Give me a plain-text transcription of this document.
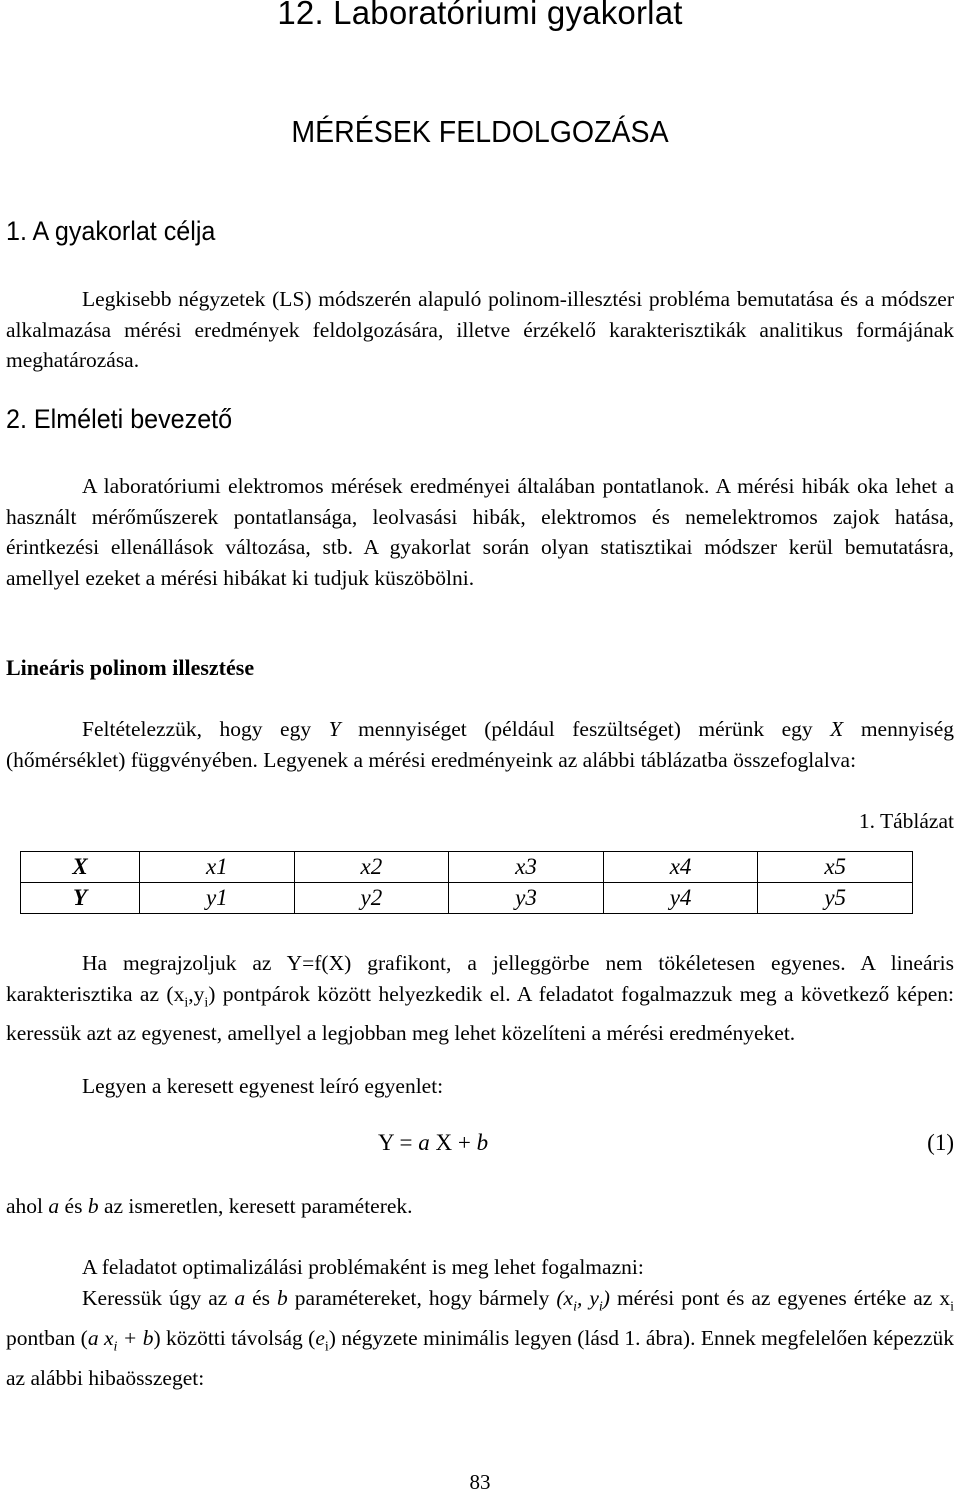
12. Laboratóriumi gyakorlat
MÉRÉSEK FELDOLGOZÁSA
1. A gyakorlat célja
Legkisebb négyzetek (LS) módszerén alapuló polinom-illesztési probléma bemutatása és a módszer alkalmazása mérési eredmények feldolgozására, illetve érzékelő karakterisztikák analitikus formájának meghatározása.
2. Elméleti bevezető
A laboratóriumi elektromos mérések eredményei általában pontatlanok. A mérési hibák oka lehet a használt mérőműszerek pontatlansága, leolvasási hibák, elektromos és nemelektromos zajok hatása, érintkezési ellenállások változása, stb. A gyakorlat során olyan statisztikai módszer kerül bemutatásra, amellyel ezeket a mérési hibákat ki tudjuk küszöbölni.
Lineáris polinom illesztése
Feltételezzük, hogy egy Y mennyiséget (például feszültséget) mérünk egy X mennyiség (hőmérséklet) függvényében. Legyenek a mérési eredményeink az alábbi táblázatba összefoglalva:
1. Táblázat
X	x1	x2	x3	x4	x5
Y	y1	y2	y3	y4	y5
Ha megrajzoljuk az Y=f(X) grafikont, a jelleggörbe nem tökéletesen egyenes. A lineáris karakterisztika az $(x_i,y_i)$ pontpárok között helyezkedik el. A feladatot fogalmazzuk meg a következő képen: keressük azt az egyenest, amellyel a legjobban meg lehet közelíteni a mérési eredményeket.
Legyen a keresett egyenest leíró egyenlet:
Y = a X + b	(1)
ahol a és b az ismeretlen, keresett paraméterek.
A feladatot optimalizálási problémaként is meg lehet fogalmazni:
Keressük úgy az a és b paramétereket, hogy bármely ($x_i$, $y_i$) mérési pont és az egyenes értéke az $x_i$ pontban (a $x_i + b$) közötti távolság $(e_i)$ négyzete minimális legyen (lásd 1. ábra). Ennek megfelelően képezzük az alábbi hibaösszeget:
83
